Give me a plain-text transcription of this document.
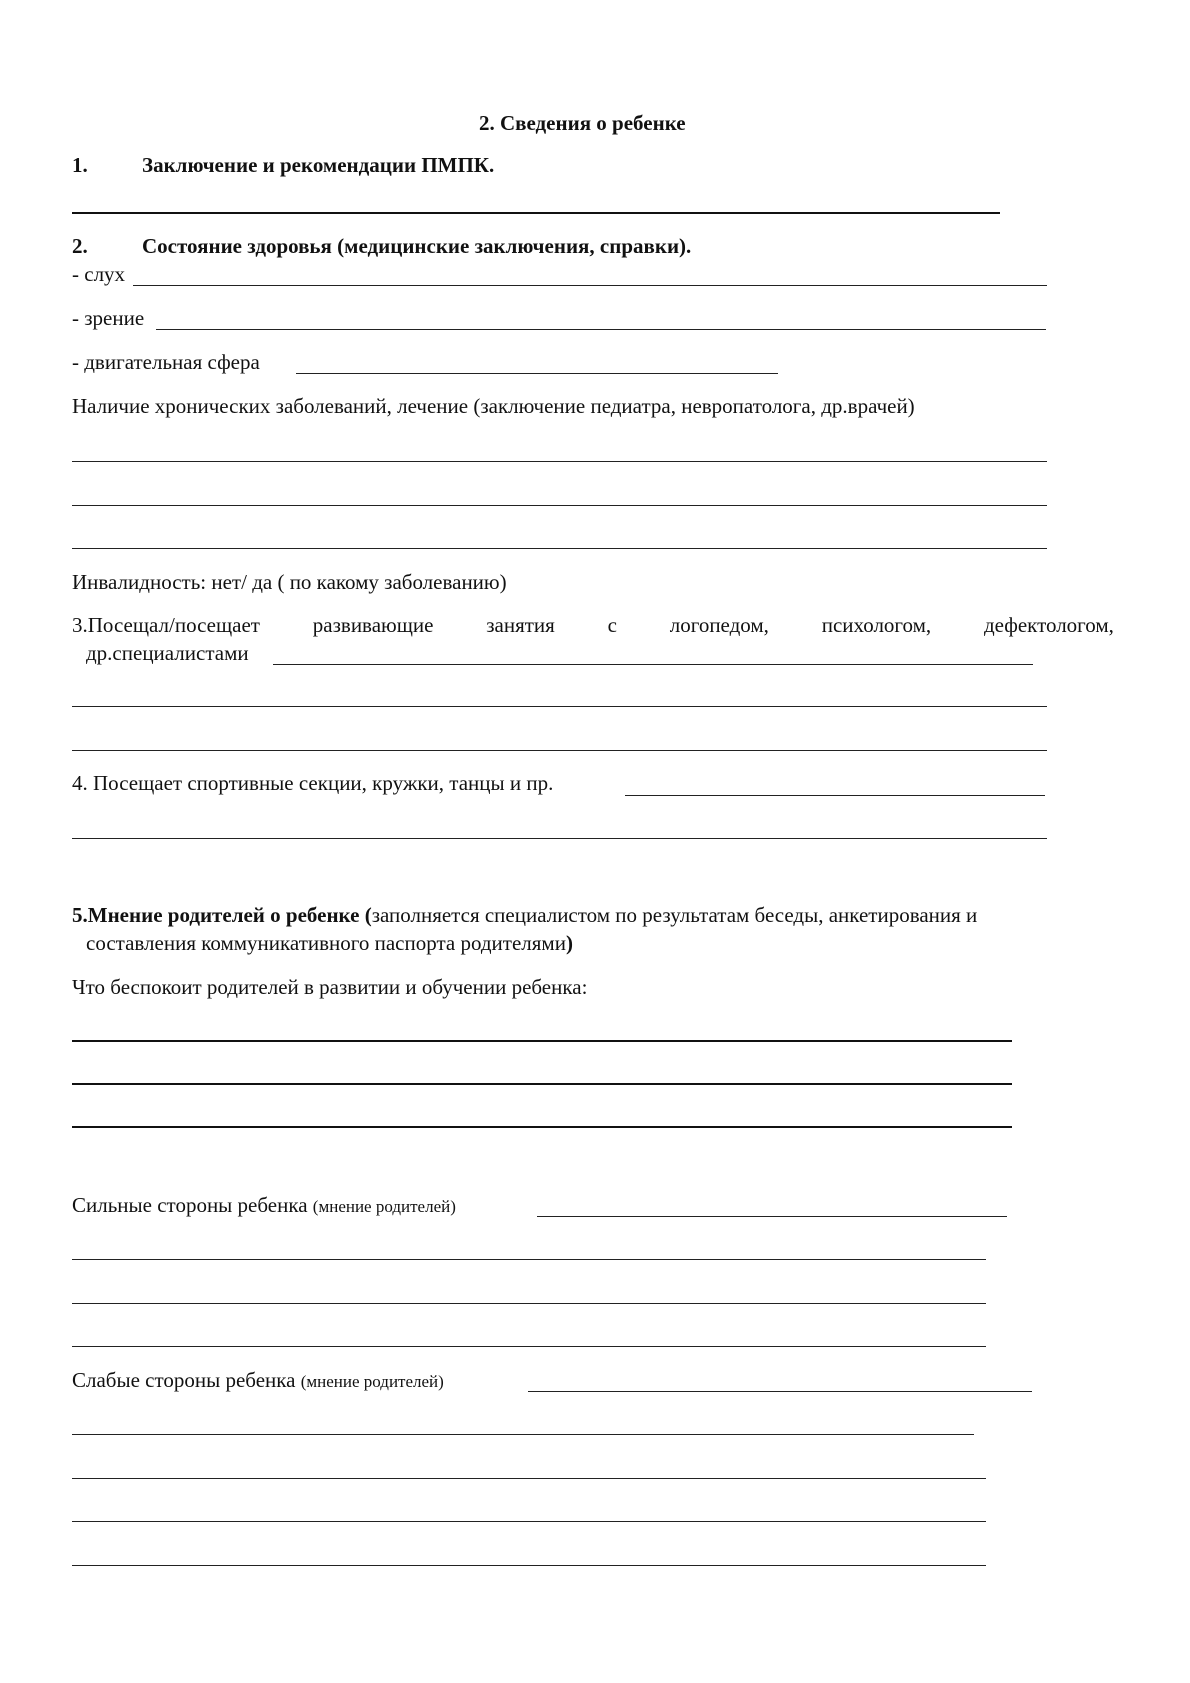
2. Сведения о ребенке
1.	Заключение и рекомендации ПМПК.
2.	Состояние здоровья (медицинские заключения, справки).
- слух
- зрение
- двигательная сфера
Наличие хронических заболеваний, лечение (заключение педиатра, невропатолога, др.врачей)
Инвалидность: нет/ да ( по какому заболеванию)
3.Посещал/посещает	развивающие	занятия	с	логопедом,	психологом,	дефектологом,
др.специалистами
4. Посещает спортивные секции, кружки, танцы и пр.
5.Мнение родителей о ребенке (заполняется специалистом по результатам беседы, анкетирования и
составления коммуникативного паспорта родителями)
Что беспокоит родителей в развитии и обучении ребенка:
Сильные стороны ребенка (мнение родителей)
Слабые стороны ребенка (мнение родителей)
